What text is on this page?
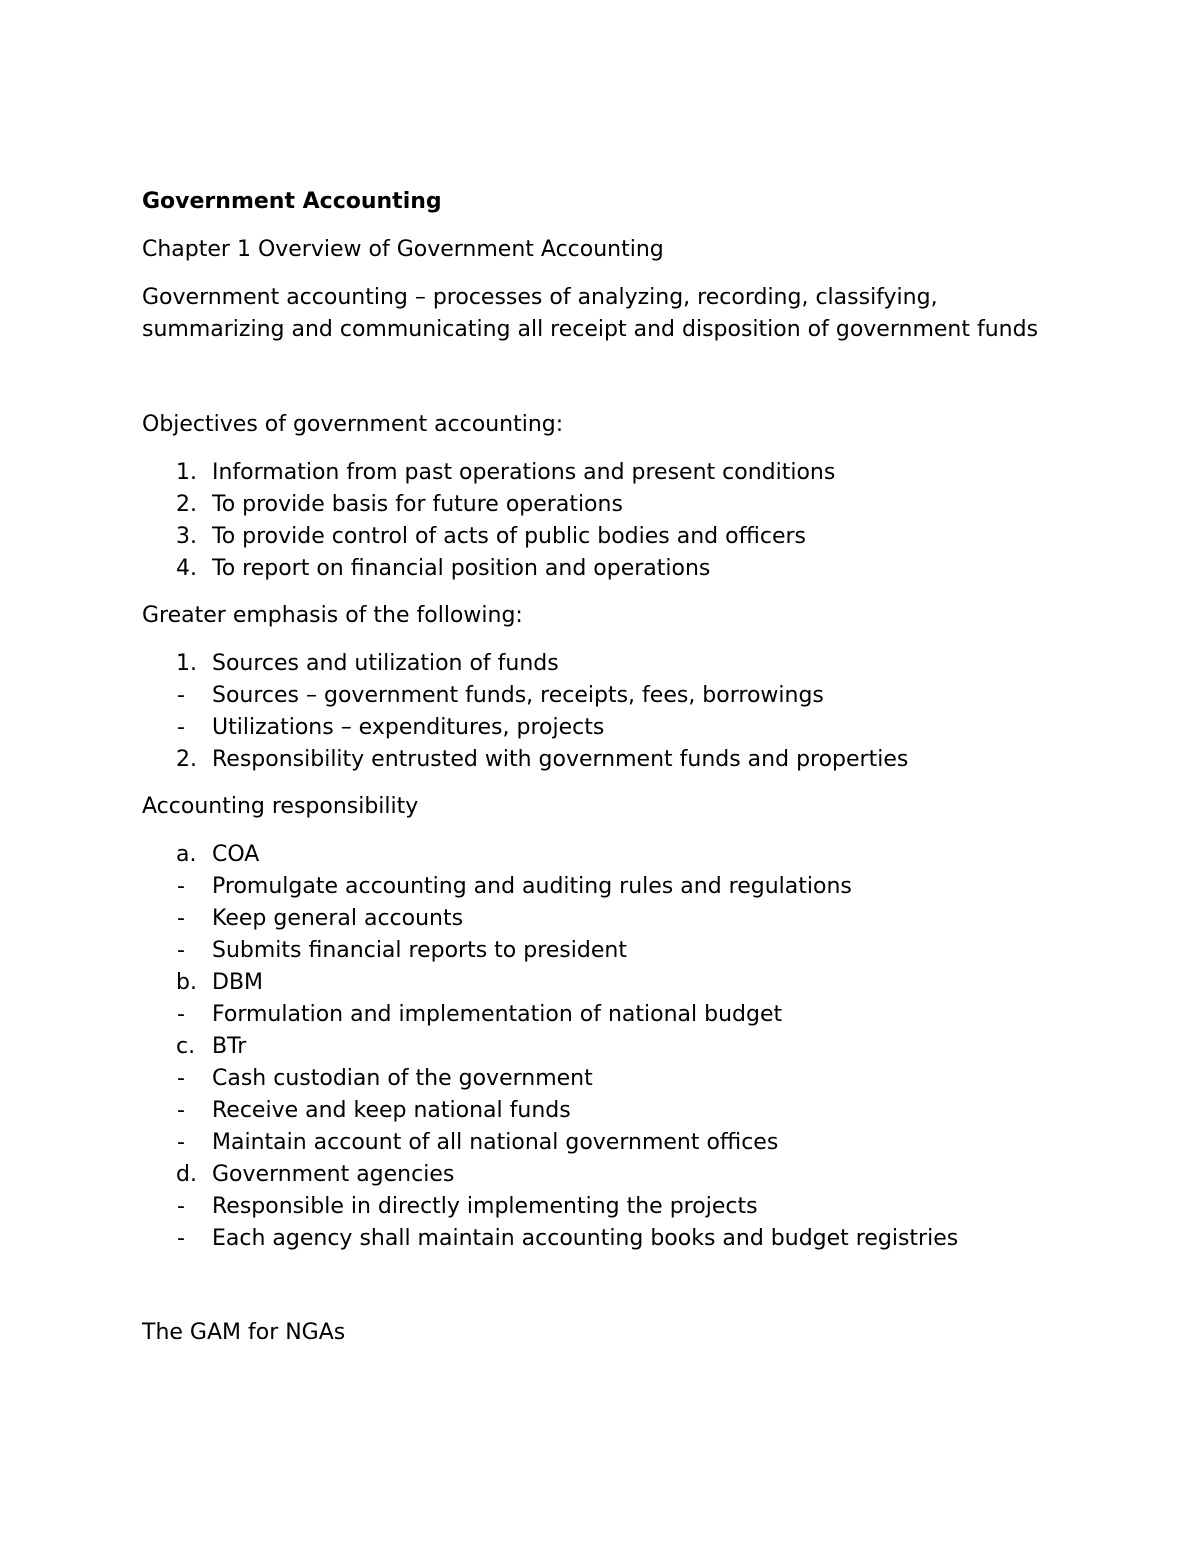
Government Accounting

Chapter 1 Overview of Government Accounting

Government accounting – processes of analyzing, recording, classifying, summarizing and communicating all receipt and disposition of government funds

Objectives of government accounting:

1. Information from past operations and present conditions
2. To provide basis for future operations
3. To provide control of acts of public bodies and officers
4. To report on financial position and operations

Greater emphasis of the following:

1. Sources and utilization of funds
-	Sources – government funds, receipts, fees, borrowings
-	Utilizations – expenditures, projects
2. Responsibility entrusted with government funds and properties

Accounting responsibility

a. COA
-	Promulgate accounting and auditing rules and regulations
-	Keep general accounts
-	Submits financial reports to president
b. DBM
-	Formulation and implementation of national budget
c. BTr
-	Cash custodian of the government
-	Receive and keep national funds
-	Maintain account of all national government offices
d. Government agencies
-	Responsible in directly implementing the projects
-	Each agency shall maintain accounting books and budget registries

The GAM for NGAs
